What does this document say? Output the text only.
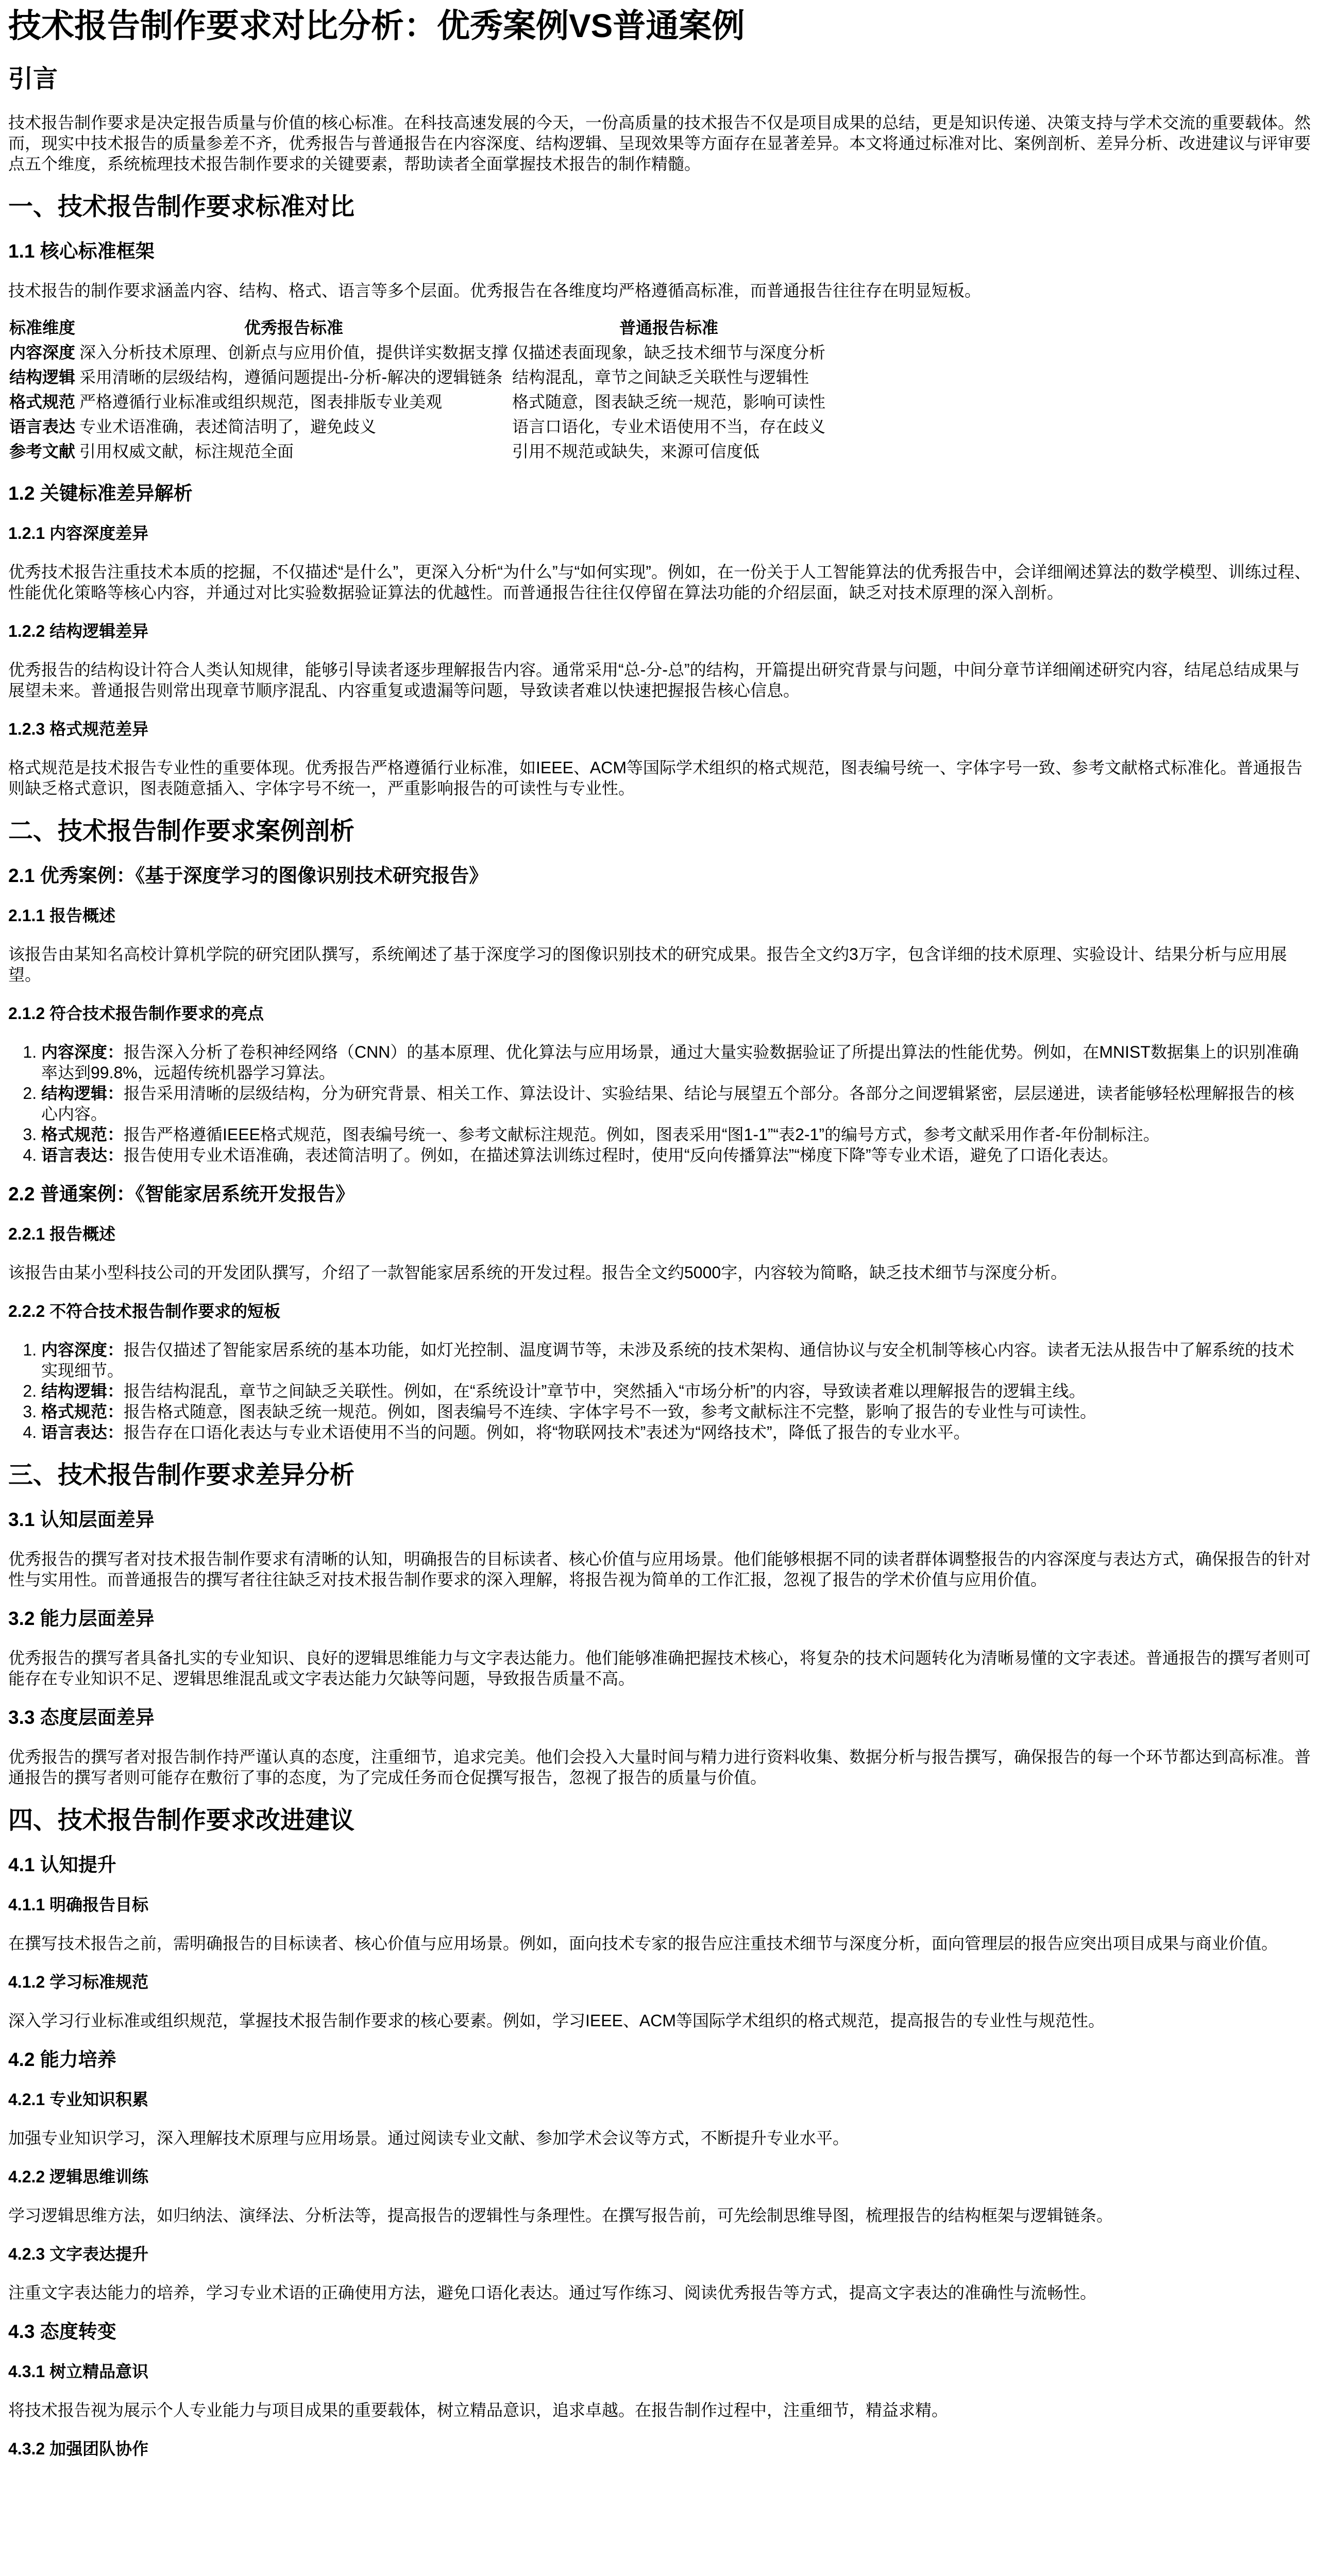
技术报告制作要求对比分析：优秀案例VS普通案例
引言

技术报告制作要求是决定报告质量与价值的核心标准。在科技高速发展的今天，一份高质量的技术报告不仅是项目成果的总结，更是知识传递、决策支持与学术交流的重要载体。然而，现实中技术报告的质量参差不齐，优秀报告与普通报告在内容深度、结构逻辑、呈现效果等方面存在显著差异。本文将通过标准对比、案例剖析、差异分析、改进建议与评审要点五个维度，系统梳理技术报告制作要求的关键要素，帮助读者全面掌握技术报告的制作精髓。

一、技术报告制作要求标准对比
1.1 核心标准框架

技术报告的制作要求涵盖内容、结构、格式、语言等多个层面。优秀报告在各维度均严格遵循高标准，而普通报告往往存在明显短板。

标准维度	优秀报告标准	普通报告标准
内容深度	深入分析技术原理、创新点与应用价值，提供详实数据支撑	仅描述表面现象，缺乏技术细节与深度分析
结构逻辑	采用清晰的层级结构，遵循问题提出-分析-解决的逻辑链条	结构混乱，章节之间缺乏关联性与逻辑性
格式规范	严格遵循行业标准或组织规范，图表排版专业美观	格式随意，图表缺乏统一规范，影响可读性
语言表达	专业术语准确，表述简洁明了，避免歧义	语言口语化，专业术语使用不当，存在歧义
参考文献	引用权威文献，标注规范全面	引用不规范或缺失，来源可信度低
1.2 关键标准差异解析
1.2.1 内容深度差异

优秀技术报告注重技术本质的挖掘，不仅描述“是什么”，更深入分析“为什么”与“如何实现”。例如，在一份关于人工智能算法的优秀报告中，会详细阐述算法的数学模型、训练过程、性能优化策略等核心内容，并通过对比实验数据验证算法的优越性。而普通报告往往仅停留在算法功能的介绍层面，缺乏对技术原理的深入剖析。

1.2.2 结构逻辑差异

优秀报告的结构设计符合人类认知规律，能够引导读者逐步理解报告内容。通常采用“总-分-总”的结构，开篇提出研究背景与问题，中间分章节详细阐述研究内容，结尾总结成果与展望未来。普通报告则常出现章节顺序混乱、内容重复或遗漏等问题，导致读者难以快速把握报告核心信息。

1.2.3 格式规范差异

格式规范是技术报告专业性的重要体现。优秀报告严格遵循行业标准，如IEEE、ACM等国际学术组织的格式规范，图表编号统一、字体字号一致、参考文献格式标准化。普通报告则缺乏格式意识，图表随意插入、字体字号不统一，严重影响报告的可读性与专业性。

二、技术报告制作要求案例剖析
2.1 优秀案例：《基于深度学习的图像识别技术研究报告》
2.1.1 报告概述

该报告由某知名高校计算机学院的研究团队撰写，系统阐述了基于深度学习的图像识别技术的研究成果。报告全文约3万字，包含详细的技术原理、实验设计、结果分析与应用展望。

2.1.2 符合技术报告制作要求的亮点
1. 内容深度：报告深入分析了卷积神经网络（CNN）的基本原理、优化算法与应用场景，通过大量实验数据验证了所提出算法的性能优势。例如，在MNIST数据集上的识别准确率达到99.8%，远超传统机器学习算法。
2. 结构逻辑：报告采用清晰的层级结构，分为研究背景、相关工作、算法设计、实验结果、结论与展望五个部分。各部分之间逻辑紧密，层层递进，读者能够轻松理解报告的核心内容。
3. 格式规范：报告严格遵循IEEE格式规范，图表编号统一、参考文献标注规范。例如，图表采用“图1-1”“表2-1”的编号方式，参考文献采用作者-年份制标注。
4. 语言表达：报告使用专业术语准确，表述简洁明了。例如，在描述算法训练过程时，使用“反向传播算法”“梯度下降”等专业术语，避免了口语化表达。
2.2 普通案例：《智能家居系统开发报告》
2.2.1 报告概述

该报告由某小型科技公司的开发团队撰写，介绍了一款智能家居系统的开发过程。报告全文约5000字，内容较为简略，缺乏技术细节与深度分析。

2.2.2 不符合技术报告制作要求的短板
1. 内容深度：报告仅描述了智能家居系统的基本功能，如灯光控制、温度调节等，未涉及系统的技术架构、通信协议与安全机制等核心内容。读者无法从报告中了解系统的技术实现细节。
2. 结构逻辑：报告结构混乱，章节之间缺乏关联性。例如，在“系统设计”章节中，突然插入“市场分析”的内容，导致读者难以理解报告的逻辑主线。
3. 格式规范：报告格式随意，图表缺乏统一规范。例如，图表编号不连续、字体字号不一致，参考文献标注不完整，影响了报告的专业性与可读性。
4. 语言表达：报告存在口语化表达与专业术语使用不当的问题。例如，将“物联网技术”表述为“网络技术”，降低了报告的专业水平。
三、技术报告制作要求差异分析
3.1 认知层面差异

优秀报告的撰写者对技术报告制作要求有清晰的认知，明确报告的目标读者、核心价值与应用场景。他们能够根据不同的读者群体调整报告的内容深度与表达方式，确保报告的针对性与实用性。而普通报告的撰写者往往缺乏对技术报告制作要求的深入理解，将报告视为简单的工作汇报，忽视了报告的学术价值与应用价值。

3.2 能力层面差异

优秀报告的撰写者具备扎实的专业知识、良好的逻辑思维能力与文字表达能力。他们能够准确把握技术核心，将复杂的技术问题转化为清晰易懂的文字表述。普通报告的撰写者则可能存在专业知识不足、逻辑思维混乱或文字表达能力欠缺等问题，导致报告质量不高。

3.3 态度层面差异

优秀报告的撰写者对报告制作持严谨认真的态度，注重细节，追求完美。他们会投入大量时间与精力进行资料收集、数据分析与报告撰写，确保报告的每一个环节都达到高标准。普通报告的撰写者则可能存在敷衍了事的态度，为了完成任务而仓促撰写报告，忽视了报告的质量与价值。

四、技术报告制作要求改进建议
4.1 认知提升
4.1.1 明确报告目标

在撰写技术报告之前，需明确报告的目标读者、核心价值与应用场景。例如，面向技术专家的报告应注重技术细节与深度分析，面向管理层的报告应突出项目成果与商业价值。

4.1.2 学习标准规范

深入学习行业标准或组织规范，掌握技术报告制作要求的核心要素。例如，学习IEEE、ACM等国际学术组织的格式规范，提高报告的专业性与规范性。

4.2 能力培养
4.2.1 专业知识积累

加强专业知识学习，深入理解技术原理与应用场景。通过阅读专业文献、参加学术会议等方式，不断提升专业水平。

4.2.2 逻辑思维训练

学习逻辑思维方法，如归纳法、演绎法、分析法等，提高报告的逻辑性与条理性。在撰写报告前，可先绘制思维导图，梳理报告的结构框架与逻辑链条。

4.2.3 文字表达提升

注重文字表达能力的培养，学习专业术语的正确使用方法，避免口语化表达。通过写作练习、阅读优秀报告等方式，提高文字表达的准确性与流畅性。

4.3 态度转变
4.3.1 树立精品意识

将技术报告视为展示个人专业能力与项目成果的重要载体，树立精品意识，追求卓越。在报告制作过程中，注重细节，精益求精。

4.3.2 加强团队协作
